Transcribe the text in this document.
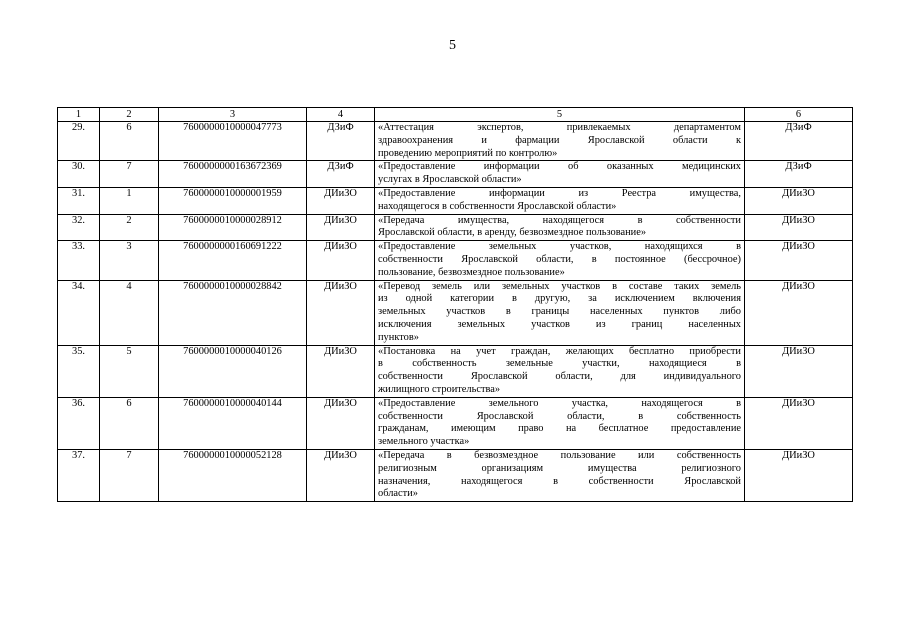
5
1	2	3	4	5	6
29.	6	7600000010000047773	ДЗиФ	«Аттестация экспертов, привлекаемых департаментом
здравоохранения и фармации Ярославской области к
проведению мероприятий по контролю»	ДЗиФ
30.	7	7600000000163672369	ДЗиФ	«Предоставление информации об оказанных медицинских
услугах в Ярославской области»	ДЗиФ
31.	1	7600000010000001959	ДИиЗО	«Предоставление информации из Реестра имущества,
находящегося в собственности Ярославской области»	ДИиЗО
32.	2	7600000010000028912	ДИиЗО	«Передача имущества, находящегося в собственности
Ярославской области, в аренду, безвозмездное пользование»	ДИиЗО
33.	3	7600000000160691222	ДИиЗО	«Предоставление земельных участков, находящихся в
собственности Ярославской области, в постоянное (бессрочное)
пользование, безвозмездное пользование»	ДИиЗО
34.	4	7600000010000028842	ДИиЗО	«Перевод земель или земельных участков в составе таких земель
из одной категории в другую, за исключением включения
земельных участков в границы населенных пунктов либо
исключения земельных участков из границ населенных
пунктов»	ДИиЗО
35.	5	7600000010000040126	ДИиЗО	«Постановка на учет граждан, желающих бесплатно приобрести
в собственность земельные участки, находящиеся в
собственности Ярославской области, для индивидуального
жилищного строительства»	ДИиЗО
36.	6	7600000010000040144	ДИиЗО	«Предоставление земельного участка, находящегося в
собственности Ярославской области, в собственность
гражданам, имеющим право на бесплатное предоставление
земельного участка»	ДИиЗО
37.	7	7600000010000052128	ДИиЗО	«Передача в безвозмездное пользование или собственность
религиозным организациям имущества религиозного
назначения, находящегося в собственности Ярославской
области»	ДИиЗО
